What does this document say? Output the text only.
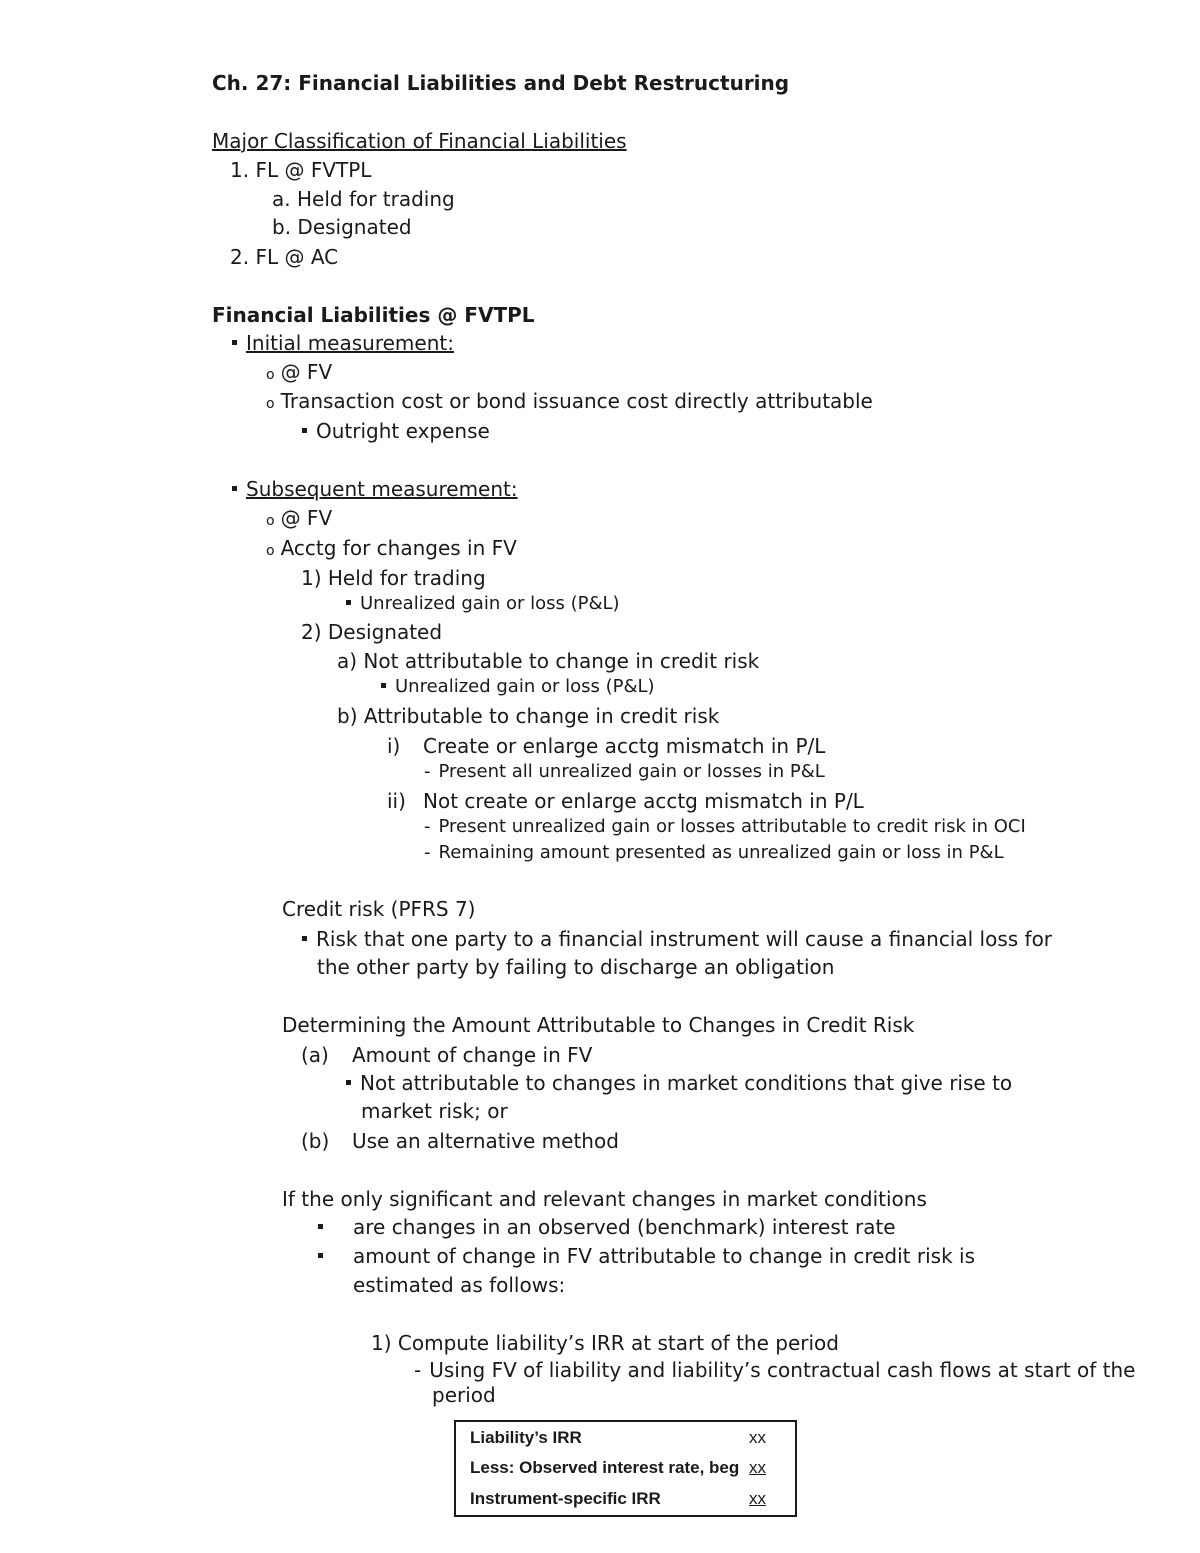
Ch. 27: Financial Liabilities and Debt Restructuring
Major Classification of Financial Liabilities
1. FL @ FVTPL
a. Held for trading
b. Designated
2. FL @ AC
Financial Liabilities @ FVTPL
Initial measurement:
o @ FV
o Transaction cost or bond issuance cost directly attributable
Outright expense
Subsequent measurement:
o @ FV
o Acctg for changes in FV
1) Held for trading
Unrealized gain or loss (P&L)
2) Designated
a) Not attributable to change in credit risk
Unrealized gain or loss (P&L)
b) Attributable to change in credit risk
i) Create or enlarge acctg mismatch in P/L
- Present all unrealized gain or losses in P&L
ii) Not create or enlarge acctg mismatch in P/L
- Present unrealized gain or losses attributable to credit risk in OCI
- Remaining amount presented as unrealized gain or loss in P&L
Credit risk (PFRS 7)
Risk that one party to a financial instrument will cause a financial loss for
the other party by failing to discharge an obligation
Determining the Amount Attributable to Changes in Credit Risk
(a) Amount of change in FV
Not attributable to changes in market conditions that give rise to
market risk; or
(b) Use an alternative method
If the only significant and relevant changes in market conditions
are changes in an observed (benchmark) interest rate
amount of change in FV attributable to change in credit risk is
estimated as follows:
1) Compute liability’s IRR at start of the period
- Using FV of liability and liability’s contractual cash flows at start of the
period
Liability’s IRR	xx
Less: Observed interest rate, beg	xx
Instrument-specific IRR	xx
